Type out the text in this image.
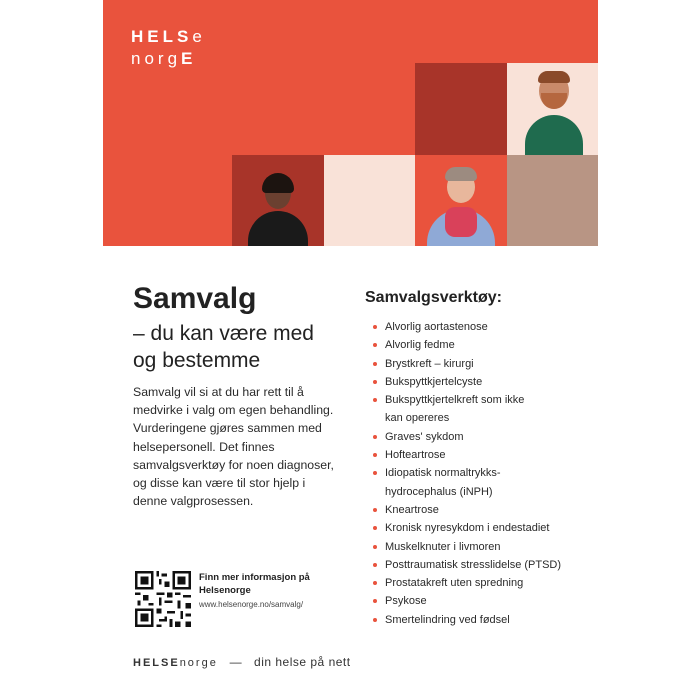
HELSe
norgE
Samvalg
– du kan være med og bestemme
Samvalg vil si at du har rett til å medvirke i valg om egen behandling. Vurderingene gjøres sammen med helsepersonell. Det finnes samvalgsverktøy for noen diagnoser, og disse kan være til stor hjelp i denne valgprosessen.
Samvalgsverktøy:
Alvorlig aortastenose
Alvorlig fedme
Brystkreft – kirurgi
Bukspyttkjertelcyste
Bukspyttkjertelkreft som ikke kan opereres
Graves' sykdom
Hofteartrose
Idiopatisk normaltrykks-hydrocephalus (iNPH)
Kneartrose
Kronisk nyresykdom i endestadiet
Muskelknuter i livmoren
Posttraumatisk stresslidelse (PTSD)
Prostatakreft uten spredning
Psykose
Smertelindring ved fødsel
Finn mer informasjon på
Helsenorge
www.helsenorge.no/samvalg/
HELSEnorge — din helse på nett
